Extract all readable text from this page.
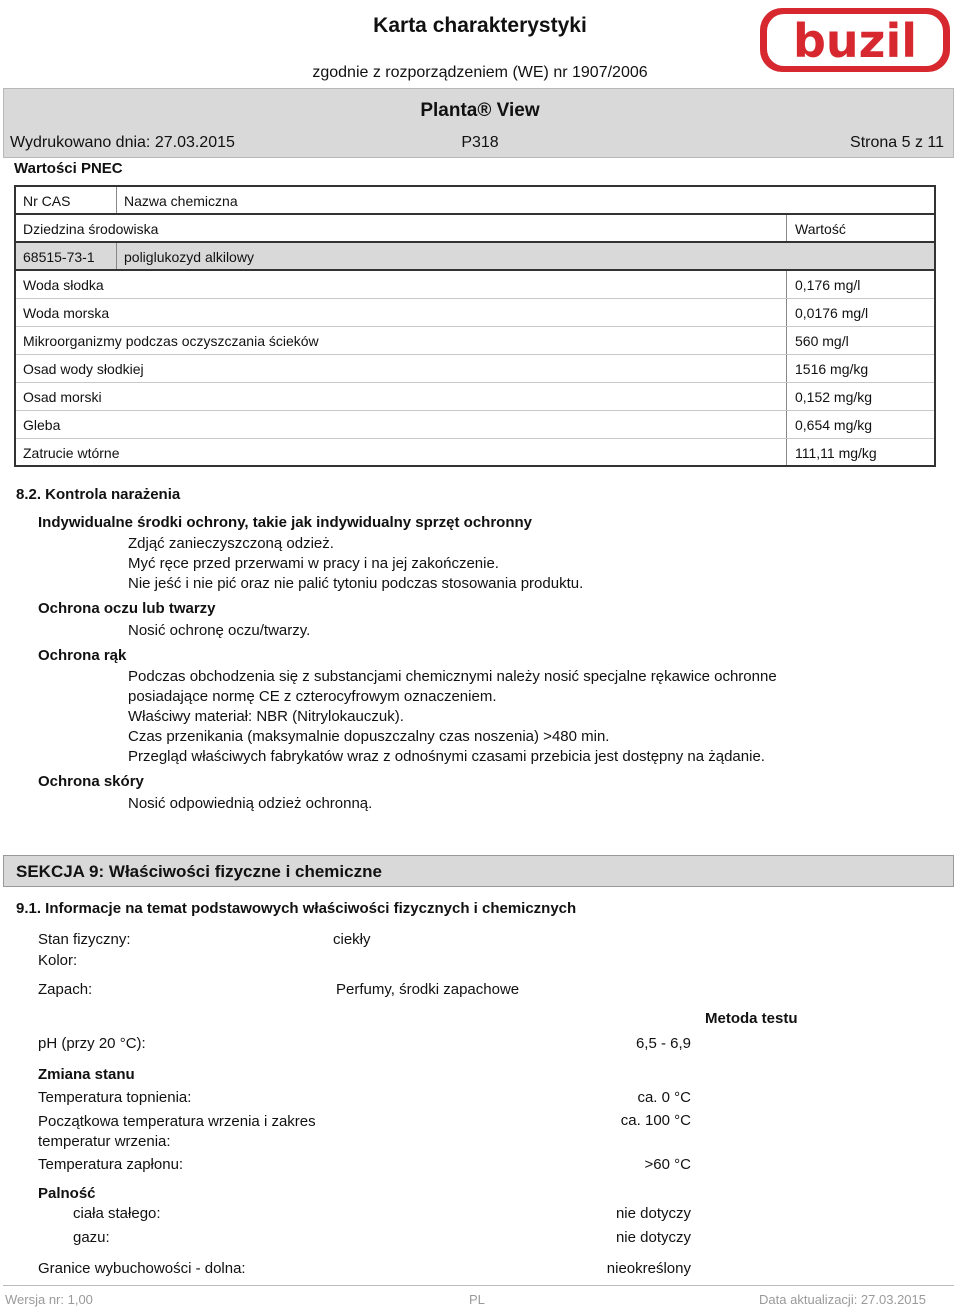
Karta charakterystyki
zgodnie z rozporządzeniem (WE) nr 1907/2006
buzil
Planta® View
Wydrukowano dnia: 27.03.2015	P318	Strona 5 z 11
Wartości PNEC
Nr CAS	Nazwa chemiczna
Dziedzina środowiska	Wartość
68515-73-1 poliglukozyd alkilowy
Woda słodka	0,176 mg/l
Woda morska	0,0176 mg/l
Mikroorganizmy podczas oczyszczania ścieków	560 mg/l
Osad wody słodkiej	1516 mg/kg
Osad morski	0,152 mg/kg
Gleba	0,654 mg/kg
Zatrucie wtórne	111,11 mg/kg
8.2. Kontrola narażenia
Indywidualne środki ochrony, takie jak indywidualny sprzęt ochronny
Zdjąć zanieczyszczoną odzież.
Myć ręce przed przerwami w pracy i na jej zakończenie.
Nie jeść i nie pić oraz nie palić tytoniu podczas stosowania produktu.
Ochrona oczu lub twarzy
Nosić ochronę oczu/twarzy.
Ochrona rąk
Podczas obchodzenia się z substancjami chemicznymi należy nosić specjalne rękawice ochronne
posiadające normę CE z czterocyfrowym oznaczeniem.
Właściwy materiał: NBR (Nitrylokauczuk).
Czas przenikania (maksymalnie dopuszczalny czas noszenia) >480 min.
Przegląd właściwych fabrykatów wraz z odnośnymi czasami przebicia jest dostępny na żądanie.
Ochrona skóry
Nosić odpowiednią odzież ochronną.
SEKCJA 9: Właściwości fizyczne i chemiczne
9.1. Informacje na temat podstawowych właściwości fizycznych i chemicznych
Stan fizyczny:	ciekły
Kolor:
Zapach:	Perfumy, środki zapachowe
Metoda testu
pH (przy 20 °C):	6,5 - 6,9
Zmiana stanu
Temperatura topnienia:	ca. 0 °C
Początkowa temperatura wrzenia i zakres
temperatur wrzenia:
ca. 100 °C
Temperatura zapłonu:	>60 °C
Palność
ciała stałego:	nie dotyczy
gazu:	nie dotyczy
Granice wybuchowości - dolna:	nieokreślony
Wersja nr: 1,00	PL	Data aktualizacji: 27.03.2015
